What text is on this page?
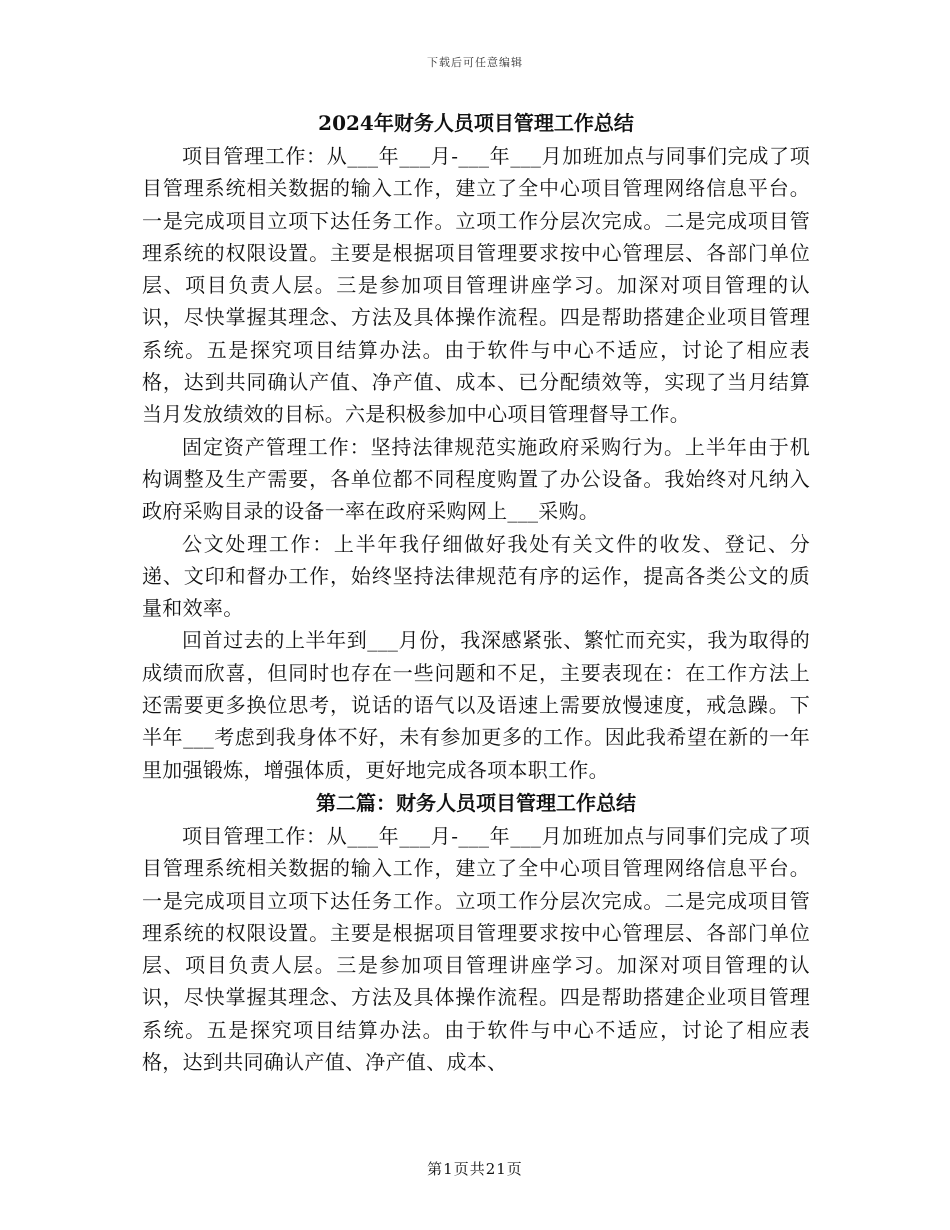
下载后可任意编辑
2024年财务人员项目管理工作总结

项目管理工作：从___年___月-___年___月加班加点与同事们完成了项目管理系统相关数据的输入工作，建立了全中心项目管理网络信息平台。一是完成项目立项下达任务工作。立项工作分层次完成。二是完成项目管理系统的权限设置。主要是根据项目管理要求按中心管理层、各部门单位层、项目负责人层。三是参加项目管理讲座学习。加深对项目管理的认识，尽快掌握其理念、方法及具体操作流程。四是帮助搭建企业项目管理系统。五是探究项目结算办法。由于软件与中心不适应，讨论了相应表格，达到共同确认产值、净产值、成本、已分配绩效等，实现了当月结算当月发放绩效的目标。六是积极参加中心项目管理督导工作。

固定资产管理工作：坚持法律规范实施政府采购行为。上半年由于机构调整及生产需要，各单位都不同程度购置了办公设备。我始终对凡纳入政府采购目录的设备一率在政府采购网上___采购。

公文处理工作：上半年我仔细做好我处有关文件的收发、登记、分递、文印和督办工作，始终坚持法律规范有序的运作，提高各类公文的质量和效率。

回首过去的上半年到___月份，我深感紧张、繁忙而充实，我为取得的成绩而欣喜，但同时也存在一些问题和不足，主要表现在：在工作方法上还需要更多换位思考，说话的语气以及语速上需要放慢速度，戒急躁。下半年___考虑到我身体不好，未有参加更多的工作。因此我希望在新的一年里加强锻炼，增强体质，更好地完成各项本职工作。

第二篇：财务人员项目管理工作总结

项目管理工作：从___年___月-___年___月加班加点与同事们完成了项目管理系统相关数据的输入工作，建立了全中心项目管理网络信息平台。一是完成项目立项下达任务工作。立项工作分层次完成。二是完成项目管理系统的权限设置。主要是根据项目管理要求按中心管理层、各部门单位层、项目负责人层。三是参加项目管理讲座学习。加深对项目管理的认识，尽快掌握其理念、方法及具体操作流程。四是帮助搭建企业项目管理系统。五是探究项目结算办法。由于软件与中心不适应，讨论了相应表格，达到共同确认产值、净产值、成本、

第1页共21页
